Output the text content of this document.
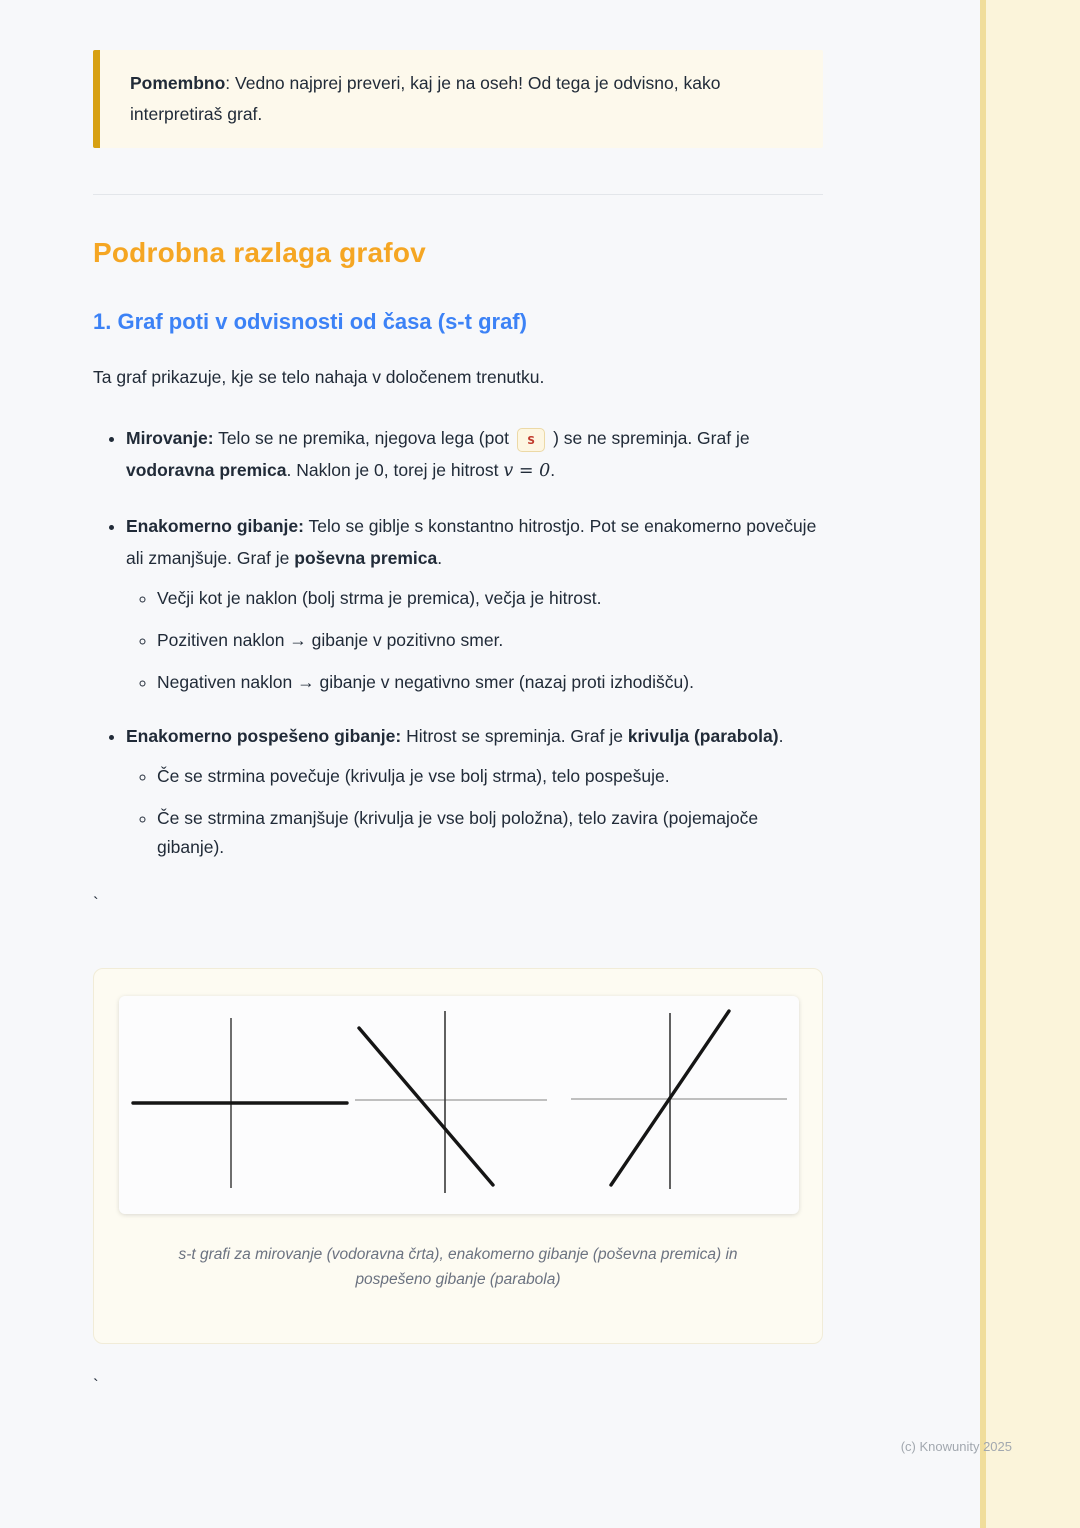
Pomembno: Vedno najprej preveri, kaj je na oseh! Od tega je odvisno, kako interpretiraš graf.
Podrobna razlaga grafov
1. Graf poti v odvisnosti od časa (s-t graf)

Ta graf prikazuje, kje se telo nahaja v določenem trenutku.

• Mirovanje: Telo se ne premika, njegova lega (pot s ) se ne spreminja. Graf je vodoravna premica. Naklon je 0, torej je hitrost v = 0.
• Enakomerno gibanje: Telo se giblje s konstantno hitrostjo. Pot se enakomerno povečuje ali zmanjšuje. Graf je poševna premica.
◦ Večji kot je naklon (bolj strma je premica), večja je hitrost.
◦ Pozitiven naklon → gibanje v pozitivno smer.
◦ Negativen naklon → gibanje v negativno smer (nazaj proti izhodišču).
• Enakomerno pospešeno gibanje: Hitrost se spreminja. Graf je krivulja (parabola).
◦ Če se strmina povečuje (krivulja je vse bolj strma), telo pospešuje.
◦ Če se strmina zmanjšuje (krivulja je vse bolj položna), telo zavira (pojemajoče gibanje).

`

s-t grafi za mirovanje (vodoravna črta), enakomerno gibanje (poševna premica) in pospešeno gibanje (parabola)

`

(c) Knowunity 2025
